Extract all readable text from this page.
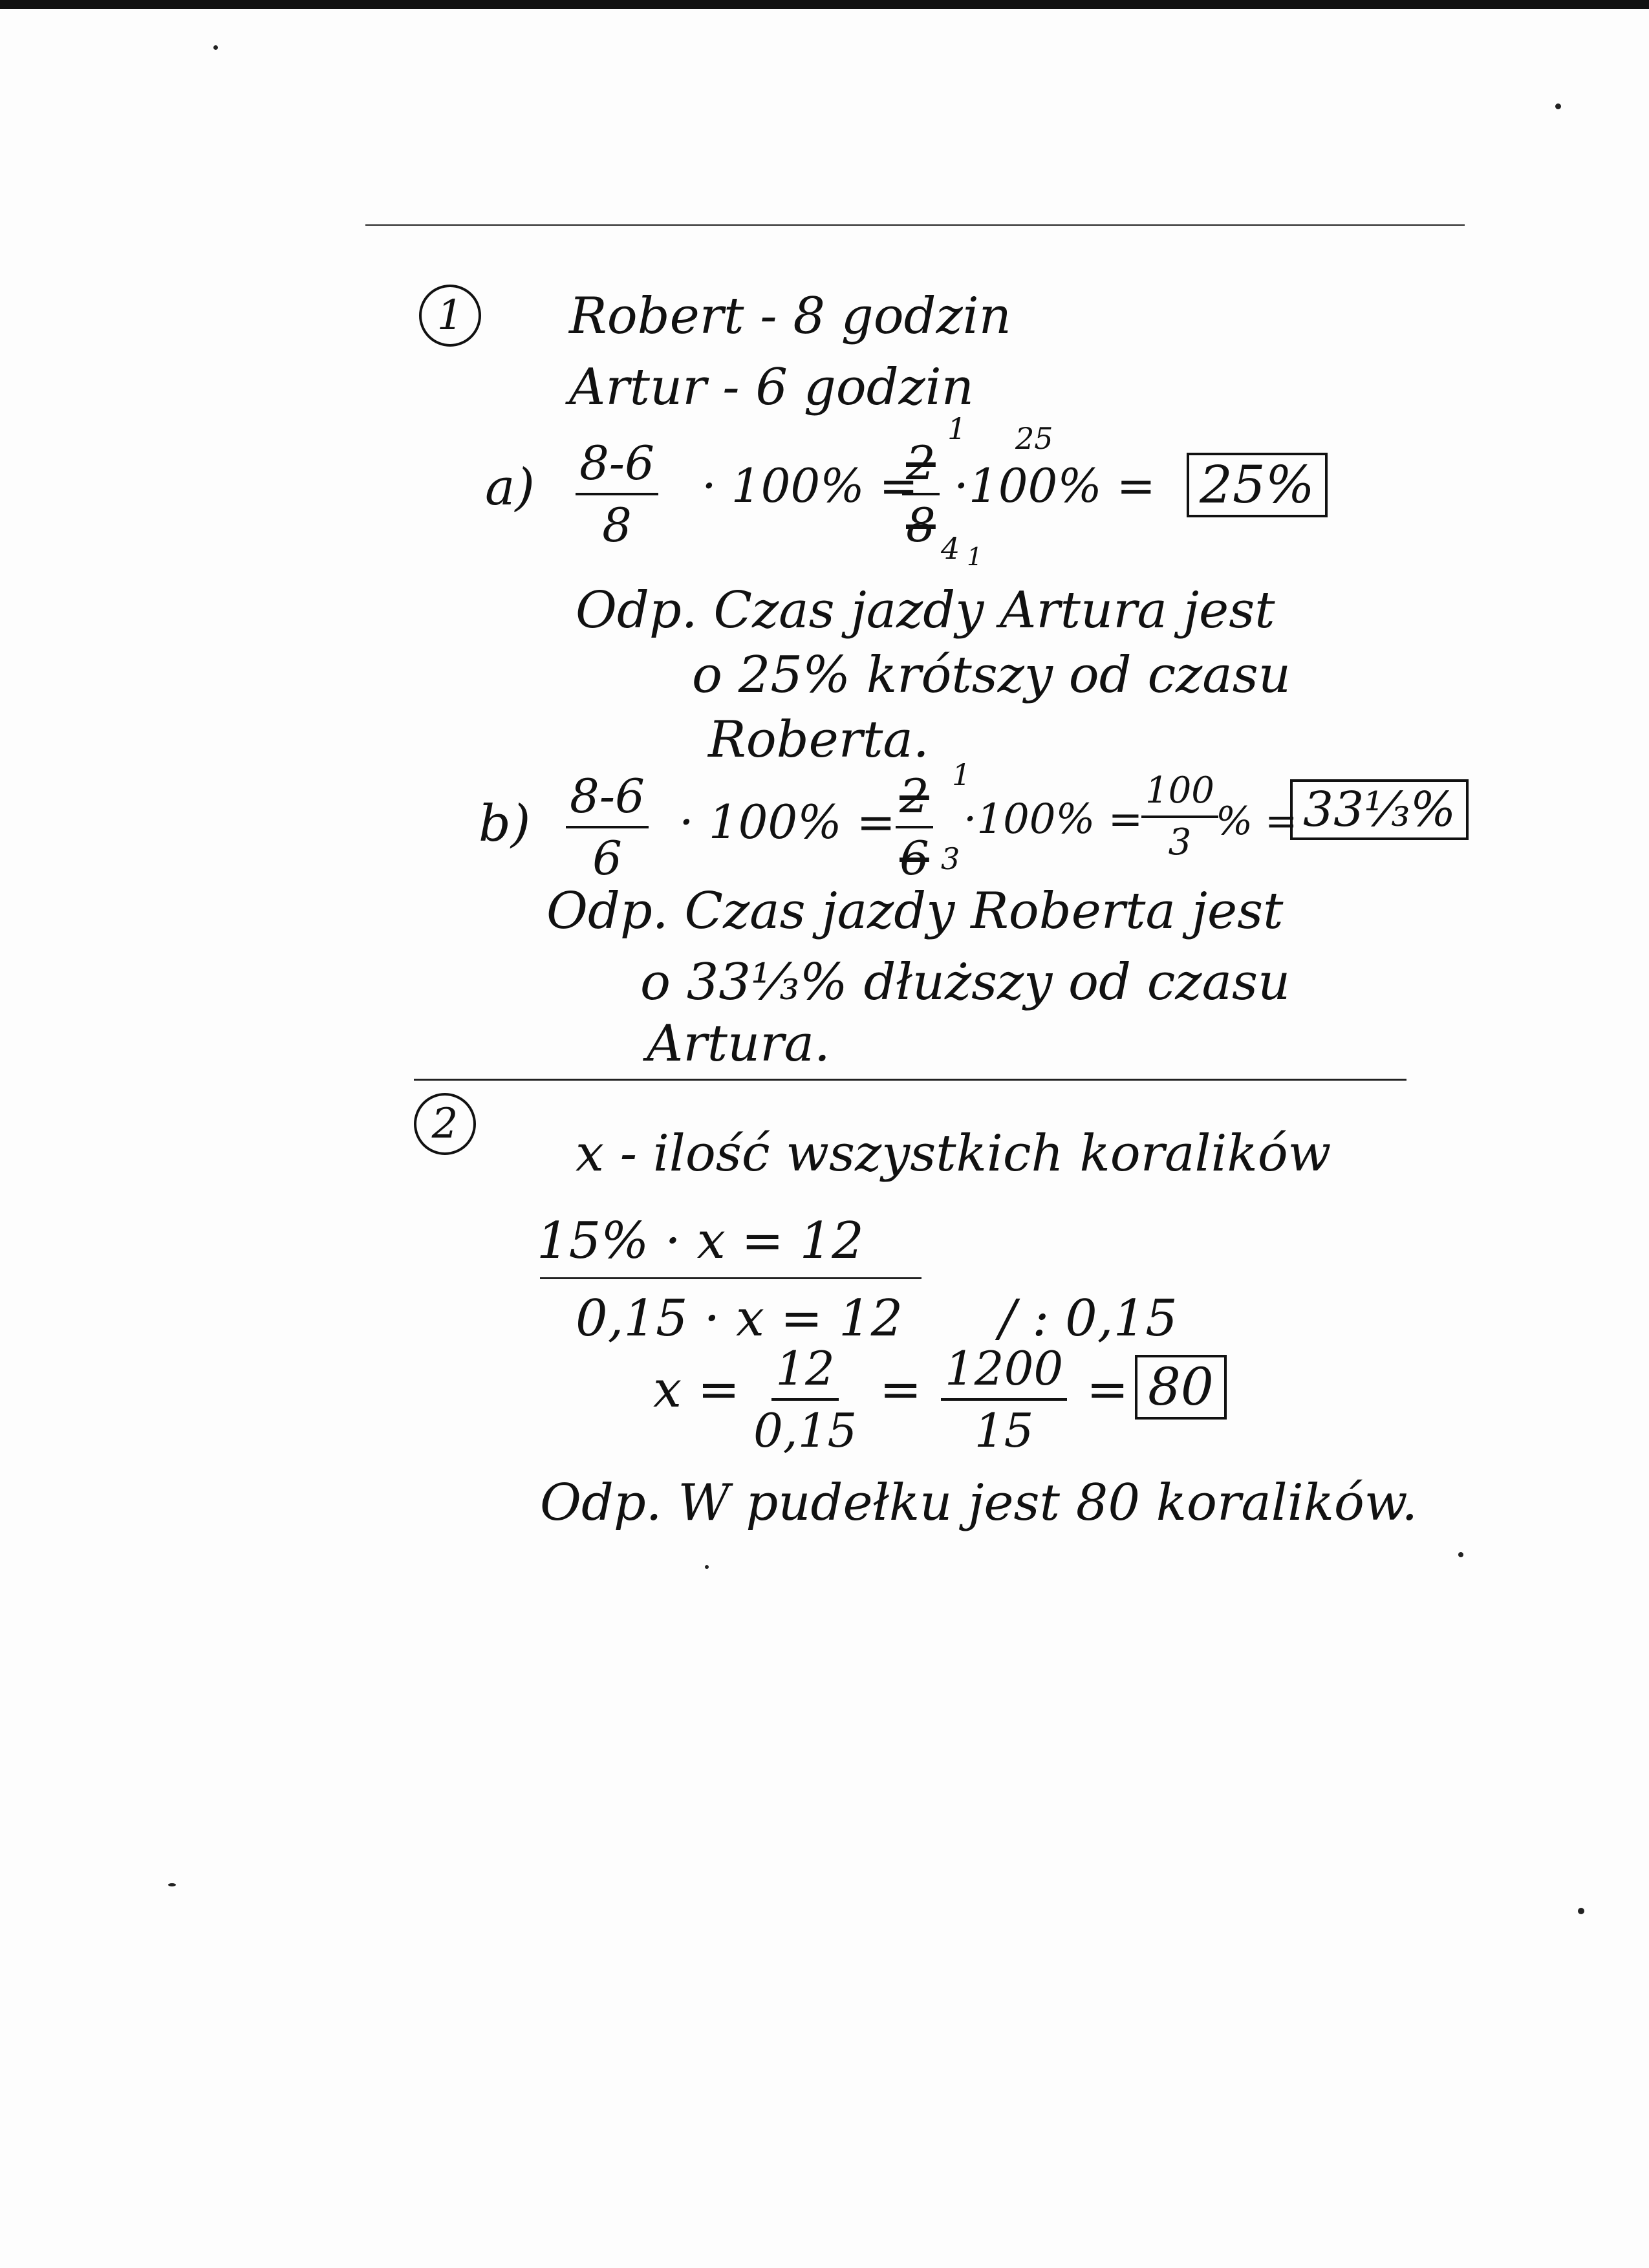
1	Robert - 8 godzin
Artur - 6 godzin
$a) \frac{8-6}{8} \cdot 100\%$ =
$\frac{2}{8}$
1
4 1
25
·100% = 25%
Odp. Czas jazdy Artura jest
o 25% krótszy od czasu
Roberta.
$b) \frac{8-6}{6} \cdot 100\% = \frac{2}{6} 1$
3
·100% =
$\frac{100}{3}$
% = 33⅓%
Odp. Czas jazdy Roberta jest
o 33⅓% dłuższy od czasu
Artura.
2
x - ilość wszystkich koralików
15% · x = 12
0,15 · x = 12 / : 0,15
$x = \frac{12}{0,15} = \frac{1200}{15} = 80$
Odp. W pudełku jest 80 koralików.
